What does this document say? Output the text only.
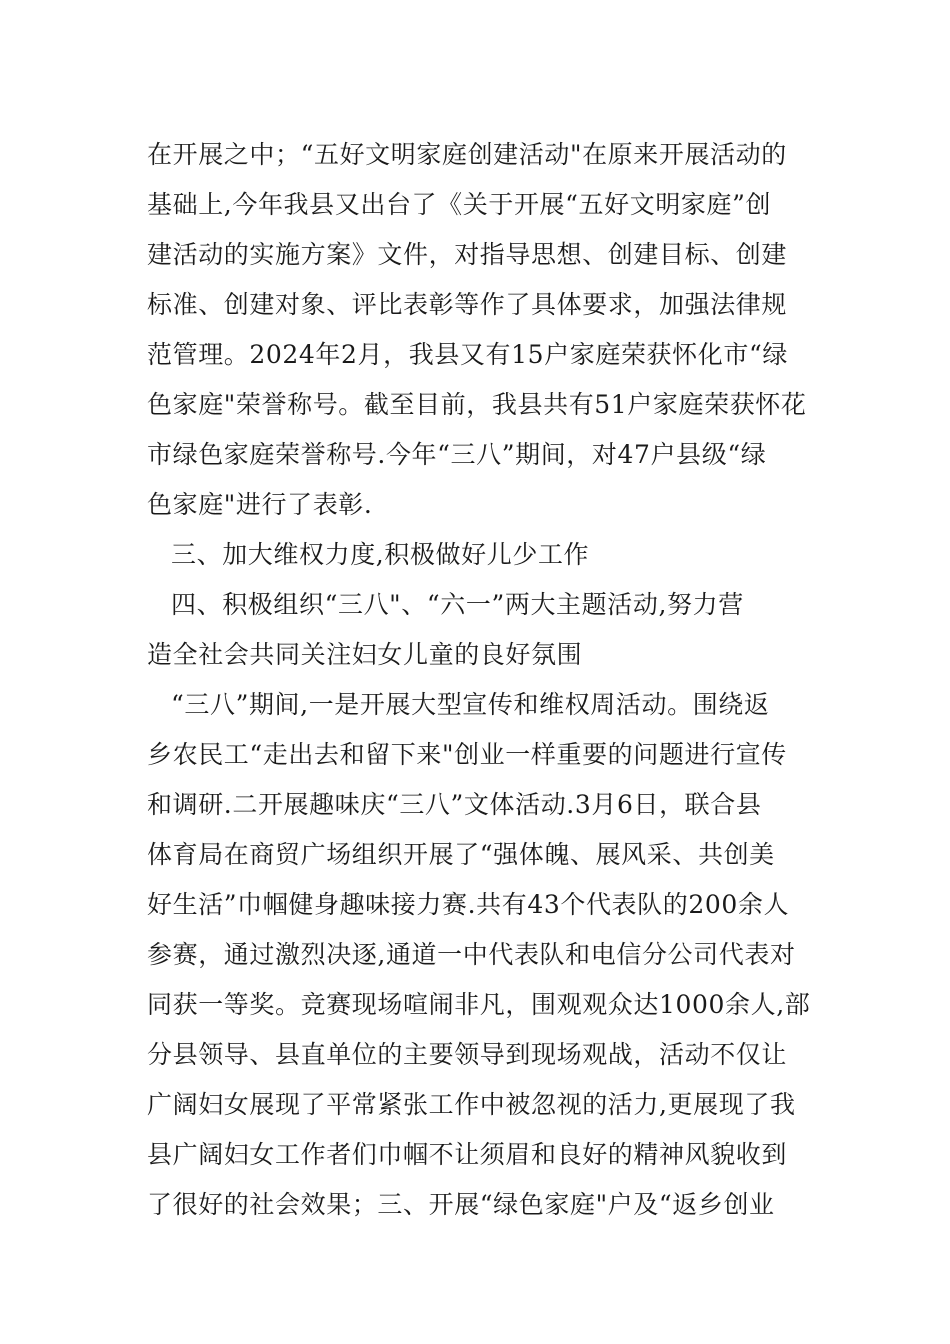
在开展之中；“五好文明家庭创建活动"在原来开展活动的
基础上,今年我县又出台了《关于开展“五好文明家庭”创
建活动的实施方案》文件，对指导思想、创建目标、创建
标准、创建对象、评比表彰等作了具体要求，加强法律规
范管理。2024年2月，我县又有15户家庭荣获怀化市“绿
色家庭"荣誉称号。截至目前，我县共有51户家庭荣获怀花
市绿色家庭荣誉称号.今年“三八”期间，对47户县级“绿
色家庭"进行了表彰.
三、加大维权力度,积极做好儿少工作
四、积极组织“三八"、“六一”两大主题活动,努力营
造全社会共同关注妇女儿童的良好氛围
“三八”期间,一是开展大型宣传和维权周活动。围绕返
乡农民工“走出去和留下来"创业一样重要的问题进行宣传
和调研.二开展趣味庆“三八”文体活动.3月6日，联合县
体育局在商贸广场组织开展了“强体魄、展风采、共创美
好生活”巾帼健身趣味接力赛.共有43个代表队的200余人
参赛，通过激烈决逐,通道一中代表队和电信分公司代表对
同获一等奖。竞赛现场喧闹非凡，围观观众达1000余人,部
分县领导、县直单位的主要领导到现场观战，活动不仅让
广阔妇女展现了平常紧张工作中被忽视的活力,更展现了我
县广阔妇女工作者们巾帼不让须眉和良好的精神风貌收到
了很好的社会效果；三、开展“绿色家庭"户及“返乡创业
